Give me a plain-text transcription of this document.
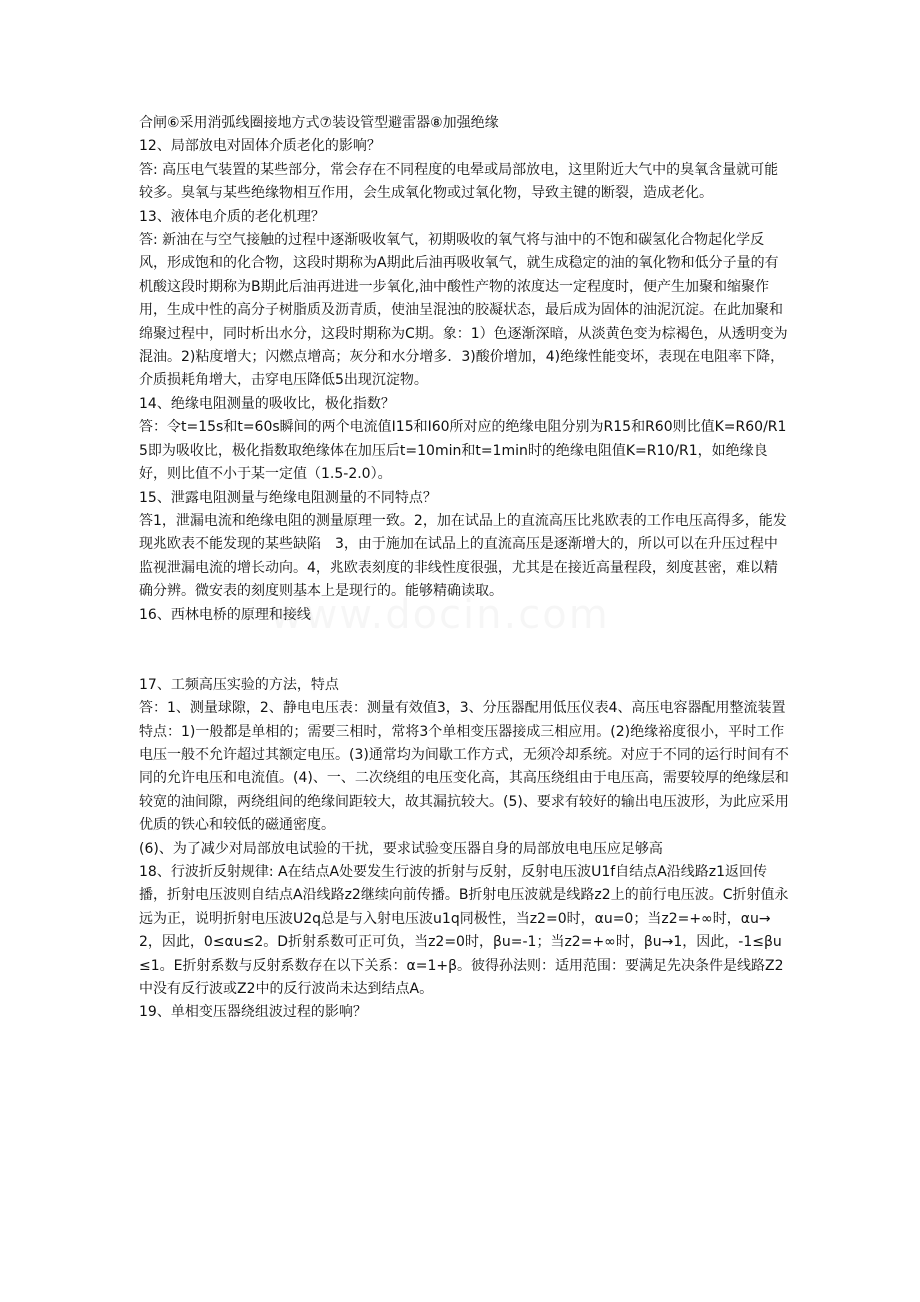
合闸⑥采用消弧线圈接地方式⑦装设管型避雷器⑧加强绝缘

12、局部放电对固体介质老化的影响？

答: 高压电气装置的某些部分，常会存在不同程度的电晕或局部放电，这里附近大气中的臭氧含量就可能较多。臭氧与某些绝缘物相互作用，会生成氧化物或过氧化物，导致主键的断裂，造成老化。

13、液体电介质的老化机理？

答: 新油在与空气接触的过程中逐渐吸收氧气，初期吸收的氧气将与油中的不饱和碳氢化合物起化学反风，形成饱和的化合物，这段时期称为A期此后油再吸收氧气，就生成稳定的油的氧化物和低分子量的有机酸这段时期称为B期此后油再进进一步氧化,油中酸性产物的浓度达一定程度时，便产生加聚和缩聚作用，生成中性的高分子树脂质及沥青质，使油呈混浊的胶凝状态，最后成为固体的油泥沉淀。在此加聚和绵聚过程中，同时析出水分，这段时期称为C期。象：1）色逐渐深暗，从淡黄色变为棕褐色，从透明变为混油。2)粘度增大；闪燃点增高；灰分和水分增多．3)酸价增加，4)绝缘性能变坏，表现在电阻率下降，介质损耗角增大，击穿电压降低5出现沉淀物。

14、绝缘电阻测量的吸收比，极化指数？

答：令t=15s和t=60s瞬间的两个电流值I15和I60所对应的绝缘电阻分别为R15和R60则比值K=R60/R15即为吸收比，极化指数取绝缘体在加压后t=10min和t=1min时的绝缘电阻值K=R10/R1，如绝缘良好，则比值不小于某一定值（1.5-2.0）。

15、泄露电阻测量与绝缘电阻测量的不同特点？

答1，泄漏电流和绝缘电阻的测量原理一致。2，加在试品上的直流高压比兆欧表的工作电压高得多，能发现兆欧表不能发现的某些缺陷　3，由于施加在试品上的直流高压是逐渐增大的，所以可以在升压过程中监视泄漏电流的增长动向。4，兆欧表刻度的非线性度很强，尤其是在接近高量程段，刻度甚密，难以精确分辨。微安表的刻度则基本上是现行的。能够精确读取。

16、西林电桥的原理和接线

17、工频高压实验的方法，特点

答：1、测量球隙，2、静电电压表：测量有效值3，3、分压器配用低压仪表4、高压电容器配用整流装置

特点：1)一般都是单相的；需要三相时，常将3个单相变压器接成三相应用。(2)绝缘裕度很小，平时工作电压一般不允许超过其额定电压。(3)通常均为间歇工作方式，无须冷却系统。对应于不同的运行时间有不同的允许电压和电流值。(4)、一、二次绕组的电压变化高，其高压绕组由于电压高，需要较厚的绝缘层和较宽的油间隙，两绕组间的绝缘间距较大，故其漏抗较大。(5)、要求有较好的输出电压波形，为此应采用优质的铁心和较低的磁通密度。

(6)、为了减少对局部放电试验的干扰，要求试验变压器自身的局部放电电压应足够高

18、行波折反射规律: A在结点A处要发生行波的折射与反射，反射电压波U1f自结点A沿线路z1返回传播，折射电压波则自结点A沿线路z2继续向前传播。B折射电压波就是线路z2上的前行电压波。C折射值永远为正，说明折射电压波U2q总是与入射电压波u1q同极性，当z2=0时，αu=0；当z2=+∞时，αu→2，因此，0≤αu≤2。D折射系数可正可负，当z2=0时，βu=-1；当z2=+∞时，βu→1，因此，-1≤βu≤1。E折射系数与反射系数存在以下关系：α=1+β。彼得孙法则：适用范围：要满足先决条件是线路Z2中没有反行波或Z2中的反行波尚未达到结点A。

19、单相变压器绕组波过程的影响？
